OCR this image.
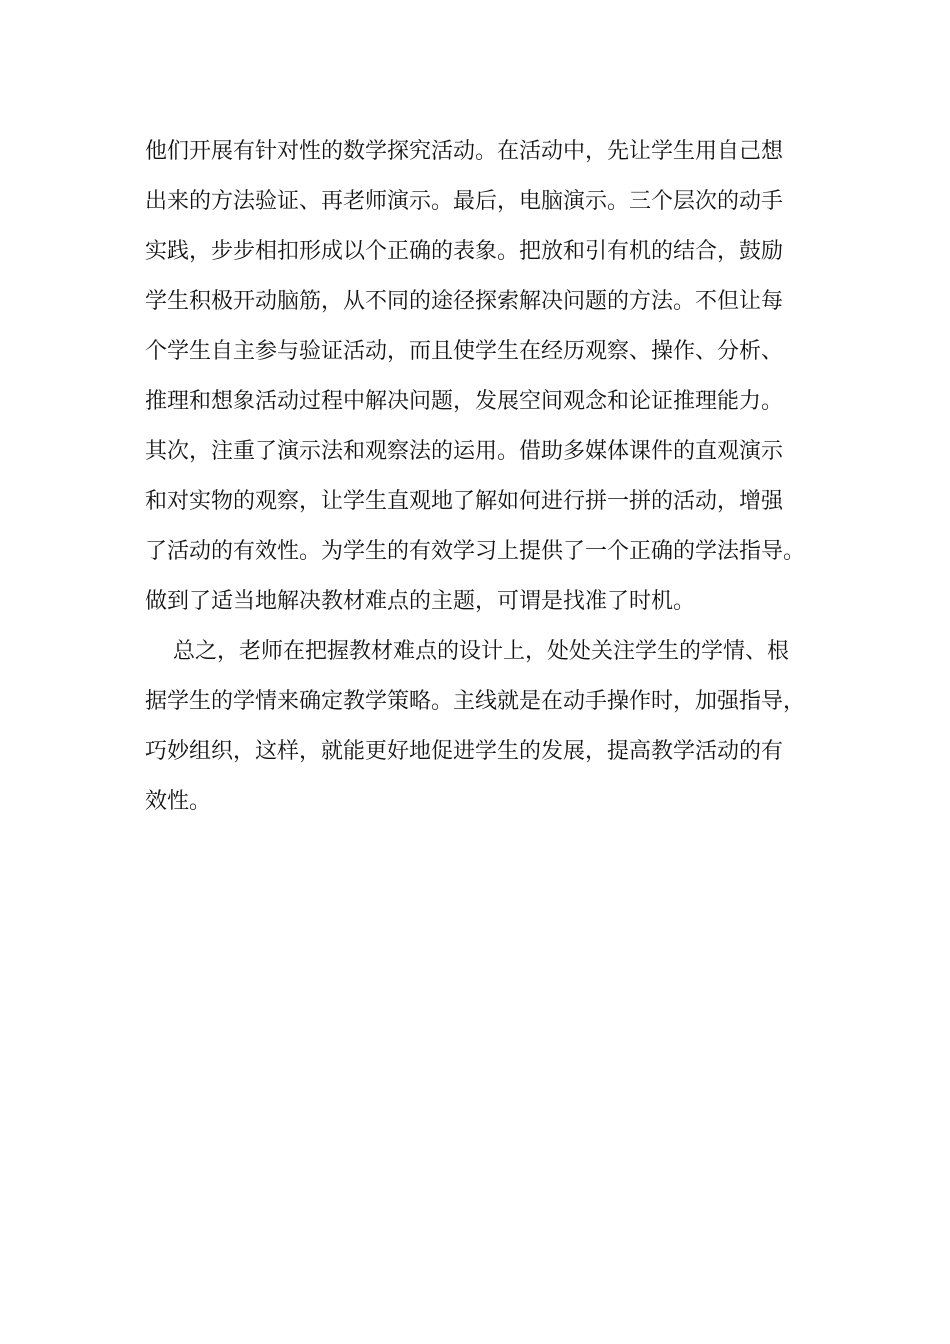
他们开展有针对性的数学探究活动。在活动中，先让学生用自己想
出来的方法验证、再老师演示。最后，电脑演示。三个层次的动手
实践，步步相扣形成以个正确的表象。把放和引有机的结合，鼓励
学生积极开动脑筋，从不同的途径探索解决问题的方法。不但让每
个学生自主参与验证活动，而且使学生在经历观察、操作、分析、
推理和想象活动过程中解决问题，发展空间观念和论证推理能力。
其次，注重了演示法和观察法的运用。借助多媒体课件的直观演示
和对实物的观察，让学生直观地了解如何进行拼一拼的活动，增强
了活动的有效性。为学生的有效学习上提供了一个正确的学法指导。
做到了适当地解决教材难点的主题，可谓是找准了时机。
总之，老师在把握教材难点的设计上，处处关注学生的学情、根
据学生的学情来确定教学策略。主线就是在动手操作时，加强指导，
巧妙组织，这样，就能更好地促进学生的发展，提高教学活动的有
效性。
